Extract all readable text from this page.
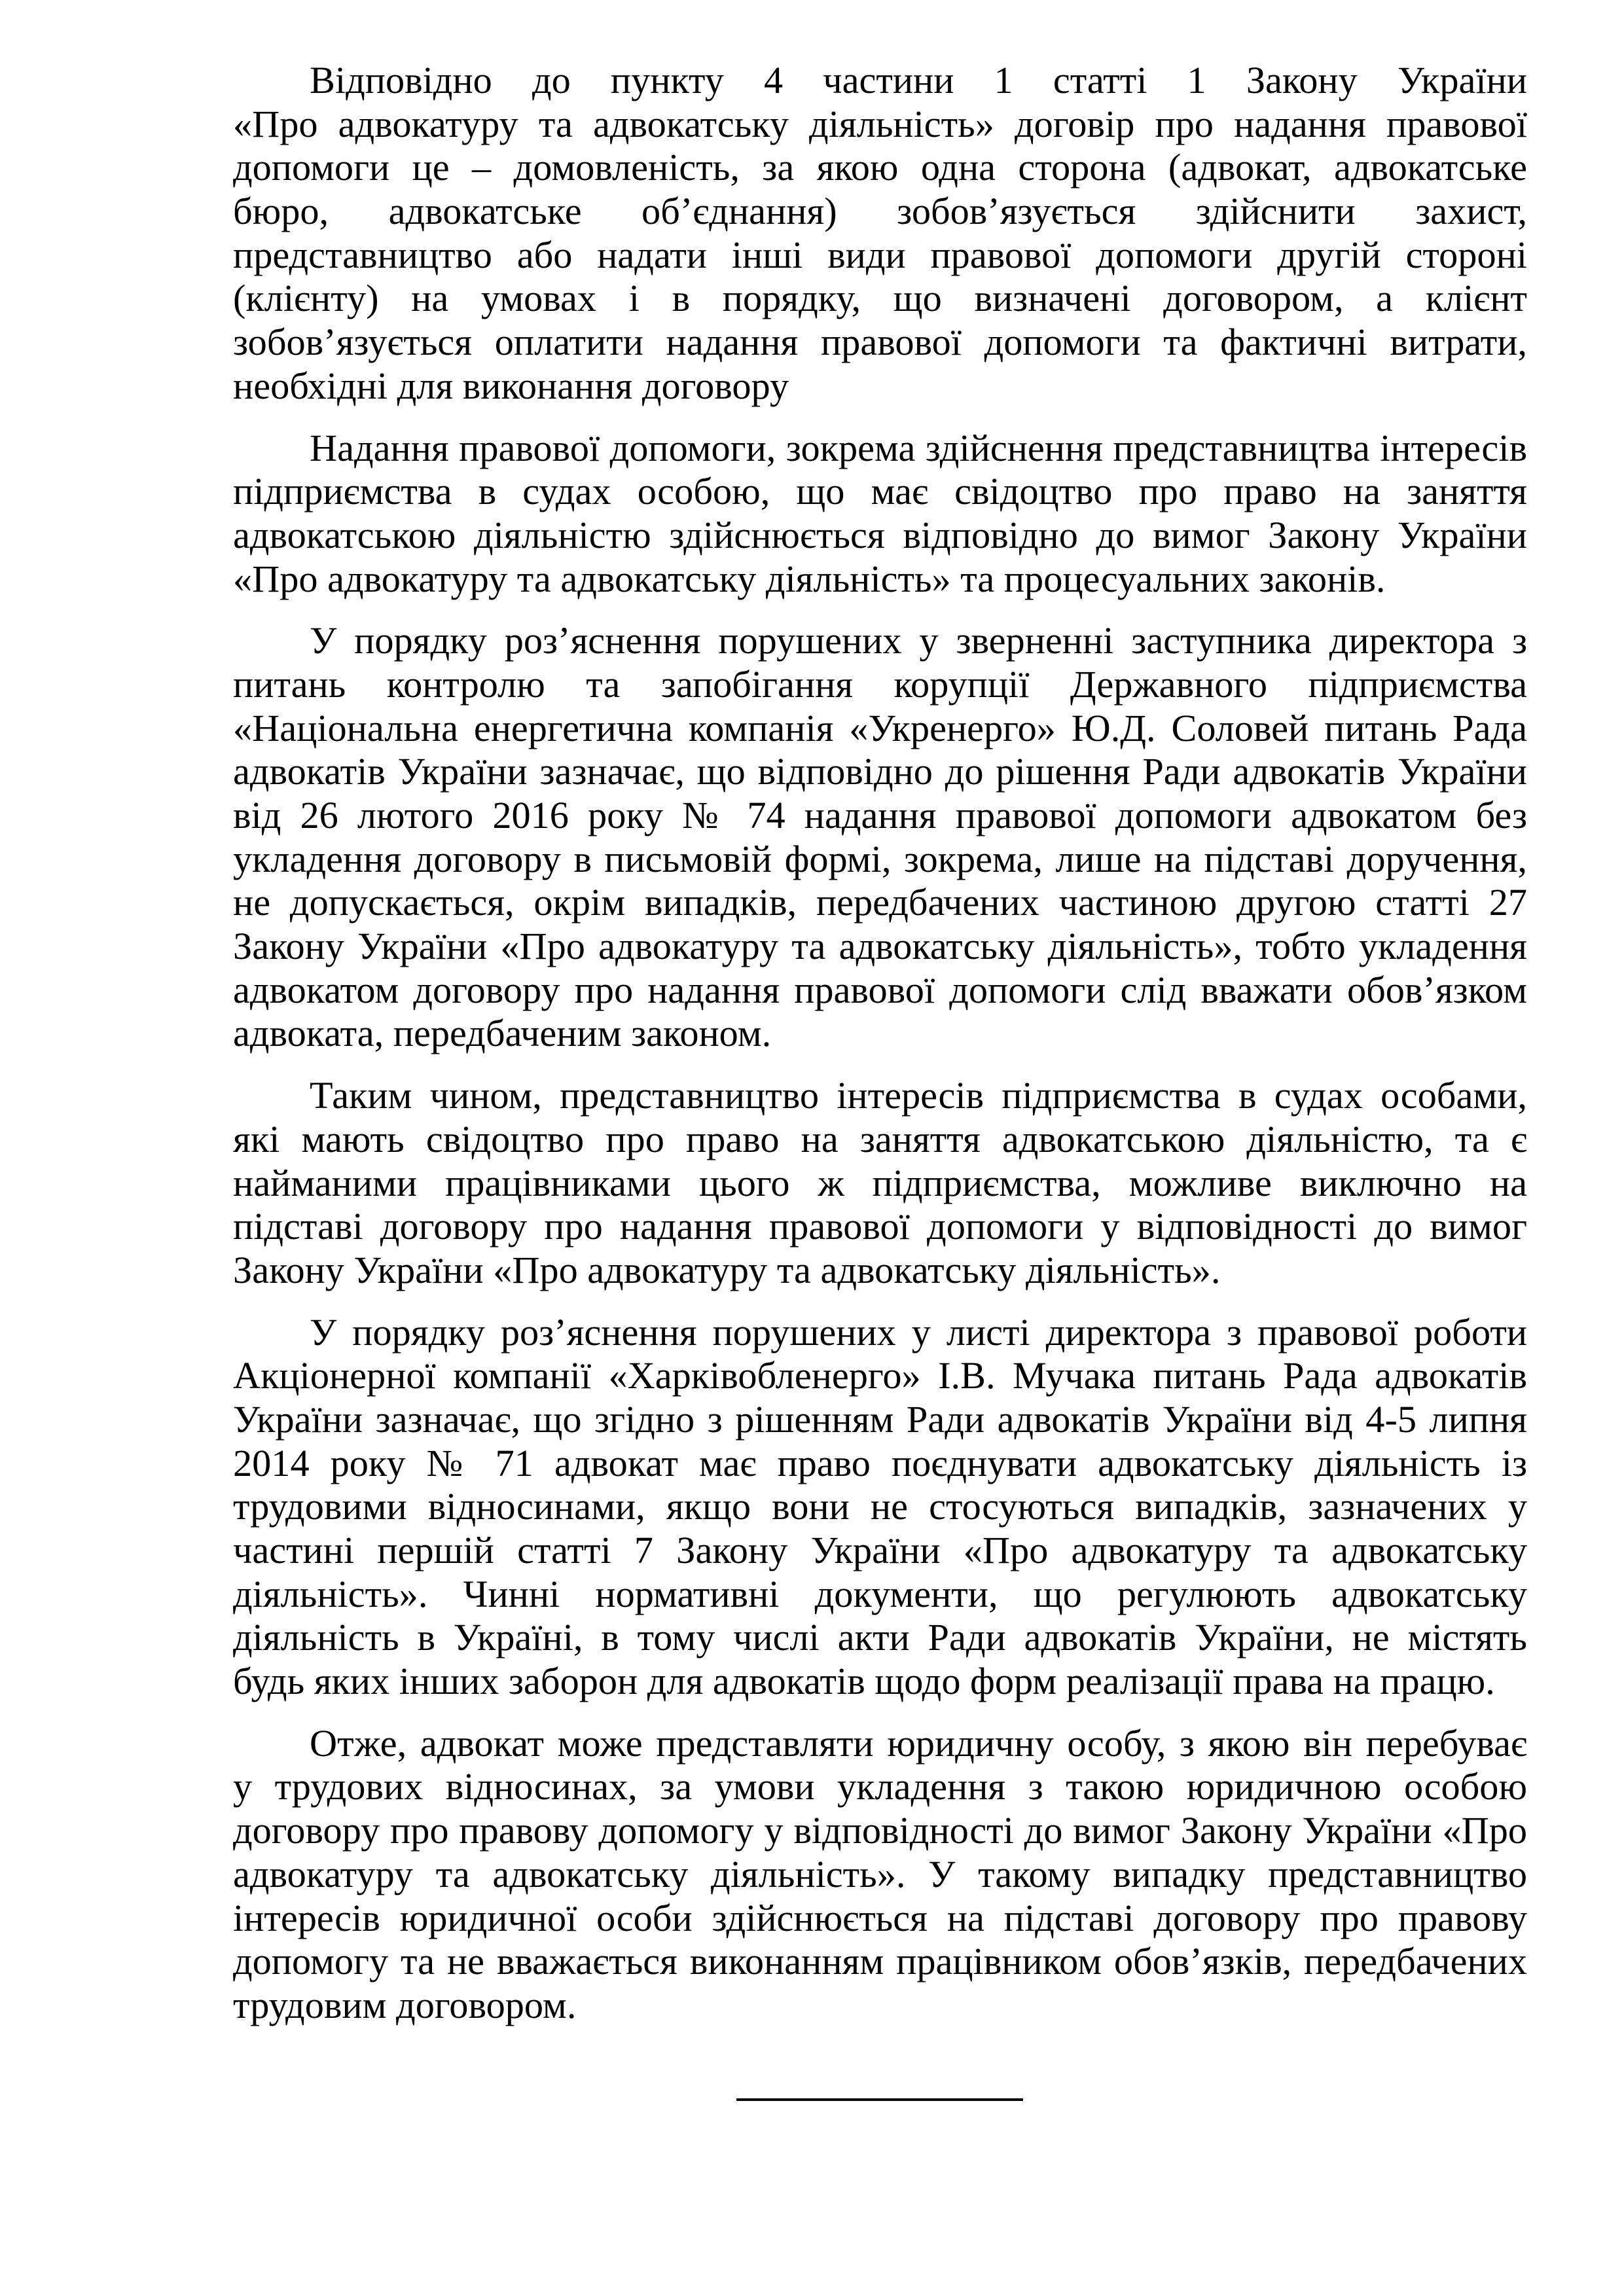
Відповідно до пункту 4 частини 1 статті 1 Закону України
«Про адвокатуру та адвокатську діяльність» договір про надання правової
допомоги це – домовленість, за якою одна сторона (адвокат, адвокатське
бюро, адвокатське об’єднання) зобов’язується здійснити захист,
представництво або надати інші види правової допомоги другій стороні
(клієнту) на умовах і в порядку, що визначені договором, а клієнт
зобов’язується оплатити надання правової допомоги та фактичні витрати,
необхідні для виконання договору
Надання правової допомоги, зокрема здійснення представництва інтересів
підприємства в судах особою, що має свідоцтво про право на заняття
адвокатською діяльністю здійснюється відповідно до вимог Закону України
«Про адвокатуру та адвокатську діяльність» та процесуальних законів.
У порядку роз’яснення порушених у зверненні заступника директора з
питань контролю та запобігання корупції Державного підприємства
«Національна енергетична компанія «Укренерго» Ю.Д. Соловей питань Рада
адвокатів України зазначає, що відповідно до рішення Ради адвокатів України
від 26 лютого 2016 року № 74 надання правової допомоги адвокатом без
укладення договору в письмовій формі, зокрема, лише на підставі доручення,
не допускається, окрім випадків, передбачених частиною другою статті 27
Закону України «Про адвокатуру та адвокатську діяльність», тобто укладення
адвокатом договору про надання правової допомоги слід вважати обов’язком
адвоката, передбаченим законом.
Таким чином, представництво інтересів підприємства в судах особами,
які мають свідоцтво про право на заняття адвокатською діяльністю, та є
найманими працівниками цього ж підприємства, можливе виключно на
підставі договору про надання правової допомоги у відповідності до вимог
Закону України «Про адвокатуру та адвокатську діяльність».
У порядку роз’яснення порушених у листі директора з правової роботи
Акціонерної компанії «Харківобленерго» І.В. Мучака питань Рада адвокатів
України зазначає, що згідно з рішенням Ради адвокатів України від 4-5 липня
2014 року № 71 адвокат має право поєднувати адвокатську діяльність із
трудовими відносинами, якщо вони не стосуються випадків, зазначених у
частині першій статті 7 Закону України «Про адвокатуру та адвокатську
діяльність». Чинні нормативні документи, що регулюють адвокатську
діяльність в Україні, в тому числі акти Ради адвокатів України, не містять
будь яких інших заборон для адвокатів щодо форм реалізації права на працю.
Отже, адвокат може представляти юридичну особу, з якою він перебуває
у трудових відносинах, за умови укладення з такою юридичною особою
договору про правову допомогу у відповідності до вимог Закону України «Про
адвокатуру та адвокатську діяльність». У такому випадку представництво
інтересів юридичної особи здійснюється на підставі договору про правову
допомогу та не вважається виконанням працівником обов’язків, передбачених
трудовим договором.
